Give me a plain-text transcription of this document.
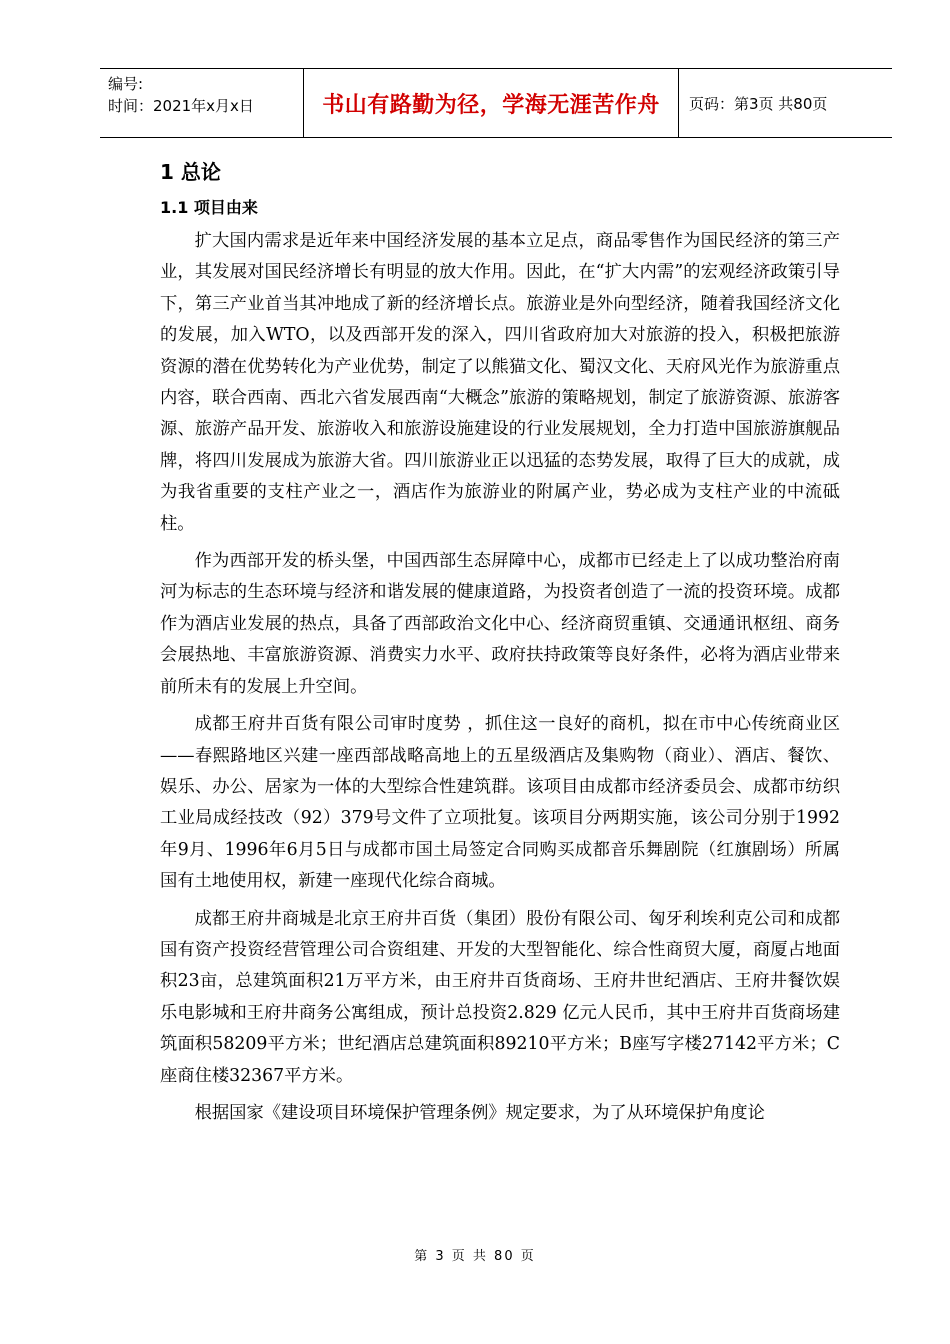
编号:
时间：2021年x月x日	书山有路勤为径，学海无涯苦作舟	页码：第3页 共80页
1 总论
1.1 项目由来

扩大国内需求是近年来中国经济发展的基本立足点，商品零售作为国民经济的第三产业，其发展对国民经济增长有明显的放大作用。因此，在“扩大内需”的宏观经济政策引导下，第三产业首当其冲地成了新的经济增长点。旅游业是外向型经济，随着我国经济文化的发展，加入WTO，以及西部开发的深入，四川省政府加大对旅游的投入，积极把旅游资源的潜在优势转化为产业优势，制定了以熊猫文化、蜀汉文化、天府风光作为旅游重点内容，联合西南、西北六省发展西南“大概念”旅游的策略规划，制定了旅游资源、旅游客源、旅游产品开发、旅游收入和旅游设施建设的行业发展规划，全力打造中国旅游旗舰品牌，将四川发展成为旅游大省。四川旅游业正以迅猛的态势发展，取得了巨大的成就，成为我省重要的支柱产业之一，酒店作为旅游业的附属产业，势必成为支柱产业的中流砥柱。

作为西部开发的桥头堡，中国西部生态屏障中心，成都市已经走上了以成功整治府南河为标志的生态环境与经济和谐发展的健康道路，为投资者创造了一流的投资环境。成都作为酒店业发展的热点，具备了西部政治文化中心、经济商贸重镇、交通通讯枢纽、商务会展热地、丰富旅游资源、消费实力水平、政府扶持政策等良好条件，必将为酒店业带来前所未有的发展上升空间。

成都王府井百货有限公司审时度势 ，抓住这一良好的商机，拟在市中心传统商业区——春熙路地区兴建一座西部战略高地上的五星级酒店及集购物（商业）、酒店、餐饮、娱乐、办公、居家为一体的大型综合性建筑群。该项目由成都市经济委员会、成都市纺织工业局成经技改（92）379号文件了立项批复。该项目分两期实施，该公司分别于1992年9月、1996年6月5日与成都市国土局签定合同购买成都音乐舞剧院（红旗剧场）所属国有土地使用权，新建一座现代化综合商城。

成都王府井商城是北京王府井百货（集团）股份有限公司、匈牙利埃利克公司和成都国有资产投资经营管理公司合资组建、开发的大型智能化、综合性商贸大厦，商厦占地面积23亩，总建筑面积21万平方米，由王府井百货商场、王府井世纪酒店、王府井餐饮娱乐电影城和王府井商务公寓组成，预计总投资2.829 亿元人民币，其中王府井百货商场建筑面积58209平方米；世纪酒店总建筑面积89210平方米；B座写字楼27142平方米；C座商住楼32367平方米。

根据国家《建设项目环境保护管理条例》规定要求，为了从环境保护角度论

第 3 页 共 80 页
